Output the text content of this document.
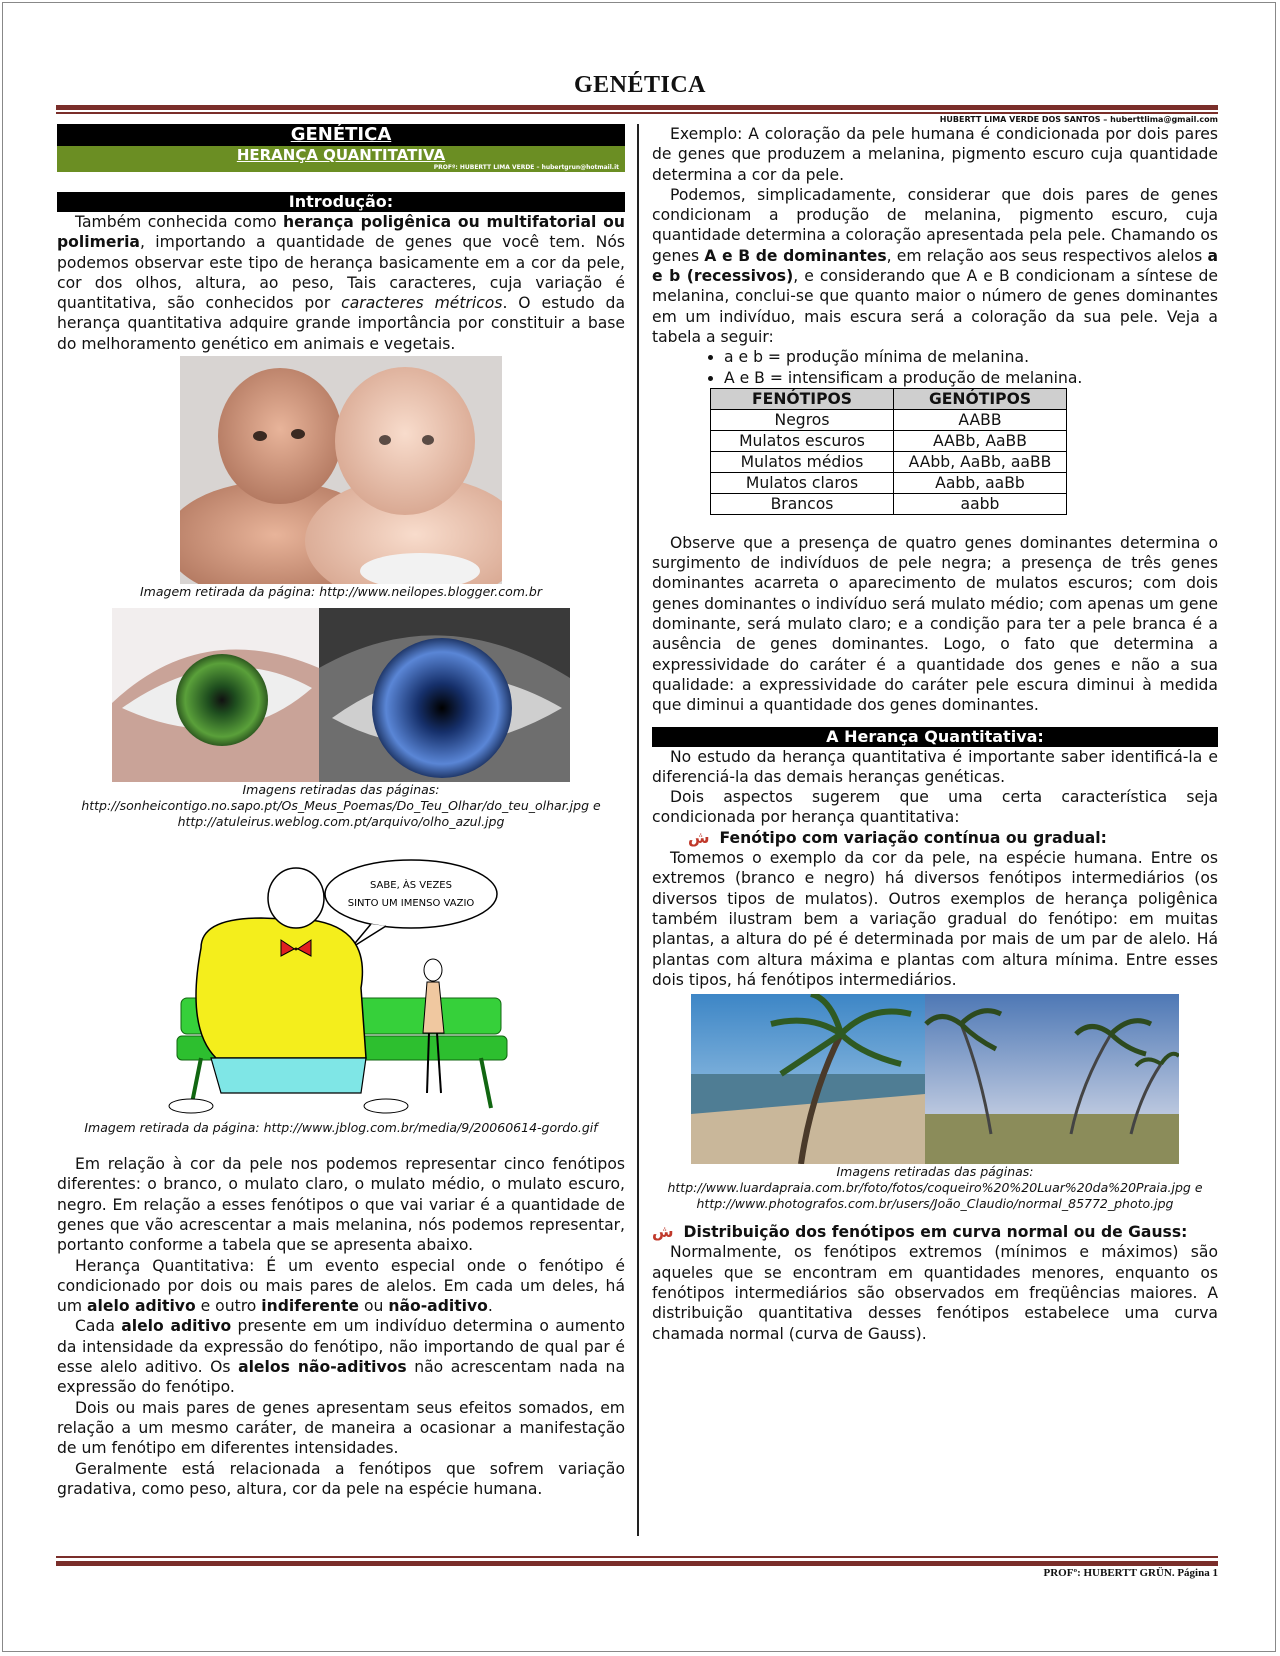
GENÉTICA
HUBERTT LIMA VERDE DOS SANTOS – huberttlima@gmail.com
GENÉTICA
HERANÇA QUANTITATIVA
PROFº: HUBERTT LIMA VERDE – hubertgrun@hotmail.it
Introdução:

Também conhecida como herança poligênica ou multifatorial ou polimeria, importando a quantidade de genes que você tem. Nós podemos observar este tipo de herança basicamente em a cor da pele, cor dos olhos, altura, ao peso, Tais caracteres, cuja variação é quantitativa, são conhecidos por caracteres métricos. O estudo da herança quantitativa adquire grande importância por constituir a base do melhoramento genético em animais e vegetais.

Imagem retirada da página: http://www.neilopes.blogger.com.br
Imagens retiradas das páginas:
http://sonheicontigo.no.sapo.pt/Os_Meus_Poemas/Do_Teu_Olhar/do_teu_olhar.jpg e
http://atuleirus.weblog.com.pt/arquivo/olho_azul.jpg
SABE, ÀS VEZES
SINTO UM IMENSO VAZIO
Imagem retirada da página: http://www.jblog.com.br/media/9/20060614-gordo.gif

Em relação à cor da pele nos podemos representar cinco fenótipos diferentes: o branco, o mulato claro, o mulato médio, o mulato escuro, negro. Em relação a esses fenótipos o que vai variar é a quantidade de genes que vão acrescentar a mais melanina, nós podemos representar, portanto conforme a tabela que se apresenta abaixo.

Herança Quantitativa: É um evento especial onde o fenótipo é condicionado por dois ou mais pares de alelos. Em cada um deles, há um alelo aditivo e outro indiferente ou não-aditivo.

Cada alelo aditivo presente em um indivíduo determina o aumento da intensidade da expressão do fenótipo, não importando de qual par é esse alelo aditivo. Os alelos não-aditivos não acrescentam nada na expressão do fenótipo.

Dois ou mais pares de genes apresentam seus efeitos somados, em relação a um mesmo caráter, de maneira a ocasionar a manifestação de um fenótipo em diferentes intensidades.

Geralmente está relacionada a fenótipos que sofrem variação gradativa, como peso, altura, cor da pele na espécie humana.

Exemplo: A coloração da pele humana é condicionada por dois pares de genes que produzem a melanina, pigmento escuro cuja quantidade determina a cor da pele.

Podemos, simplicadamente, considerar que dois pares de genes condicionam a produção de melanina, pigmento escuro, cuja quantidade determina a coloração apresentada pela pele. Chamando os genes A e B de dominantes, em relação aos seus respectivos alelos a e b (recessivos), e considerando que A e B condicionam a síntese de melanina, conclui-se que quanto maior o número de genes dominantes em um indivíduo, mais escura será a coloração da sua pele. Veja a tabela a seguir:

• a e b = produção mínima de melanina.
• A e B = intensificam a produção de melanina.
FENÓTIPOS	GENÓTIPOS
Negros	AABB
Mulatos escuros	AABb, AaBB
Mulatos médios	AAbb, AaBb, aaBB
Mulatos claros	Aabb, aaBb
Brancos	aabb

Observe que a presença de quatro genes dominantes determina o surgimento de indivíduos de pele negra; a presença de três genes dominantes acarreta o aparecimento de mulatos escuros; com dois genes dominantes o indivíduo será mulato médio; com apenas um gene dominante, será mulato claro; e a condição para ter a pele branca é a ausência de genes dominantes. Logo, o fato que determina a expressividade do caráter é a quantidade dos genes e não a sua qualidade: a expressividade do caráter pele escura diminui à medida que diminui a quantidade dos genes dominantes.

A Herança Quantitativa:

No estudo da herança quantitativa é importante saber identificá-la e diferenciá-la das demais heranças genéticas.

Dois aspectos sugerem que uma certa característica seja condicionada por herança quantitativa:

ش Fenótipo com variação contínua ou gradual:

Tomemos o exemplo da cor da pele, na espécie humana. Entre os extremos (branco e negro) há diversos fenótipos intermediários (os diversos tipos de mulatos). Outros exemplos de herança poligênica também ilustram bem a variação gradual do fenótipo: em muitas plantas, a altura do pé é determinada por mais de um par de alelo. Há plantas com altura máxima e plantas com altura mínima. Entre esses dois tipos, há fenótipos intermediários.

Imagens retiradas das páginas:
http://www.luardapraia.com.br/foto/fotos/coqueiro%20%20Luar%20da%20Praia.jpg e
http://www.photografos.com.br/users/João_Claudio/normal_85772_photo.jpg
ش Distribuição dos fenótipos em curva normal ou de Gauss:

Normalmente, os fenótipos extremos (mínimos e máximos) são aqueles que se encontram em quantidades menores, enquanto os fenótipos intermediários são observados em freqüências maiores. A distribuição quantitativa desses fenótipos estabelece uma curva chamada normal (curva de Gauss).

PROFº: HUBERTT GRÜN. Página 1
